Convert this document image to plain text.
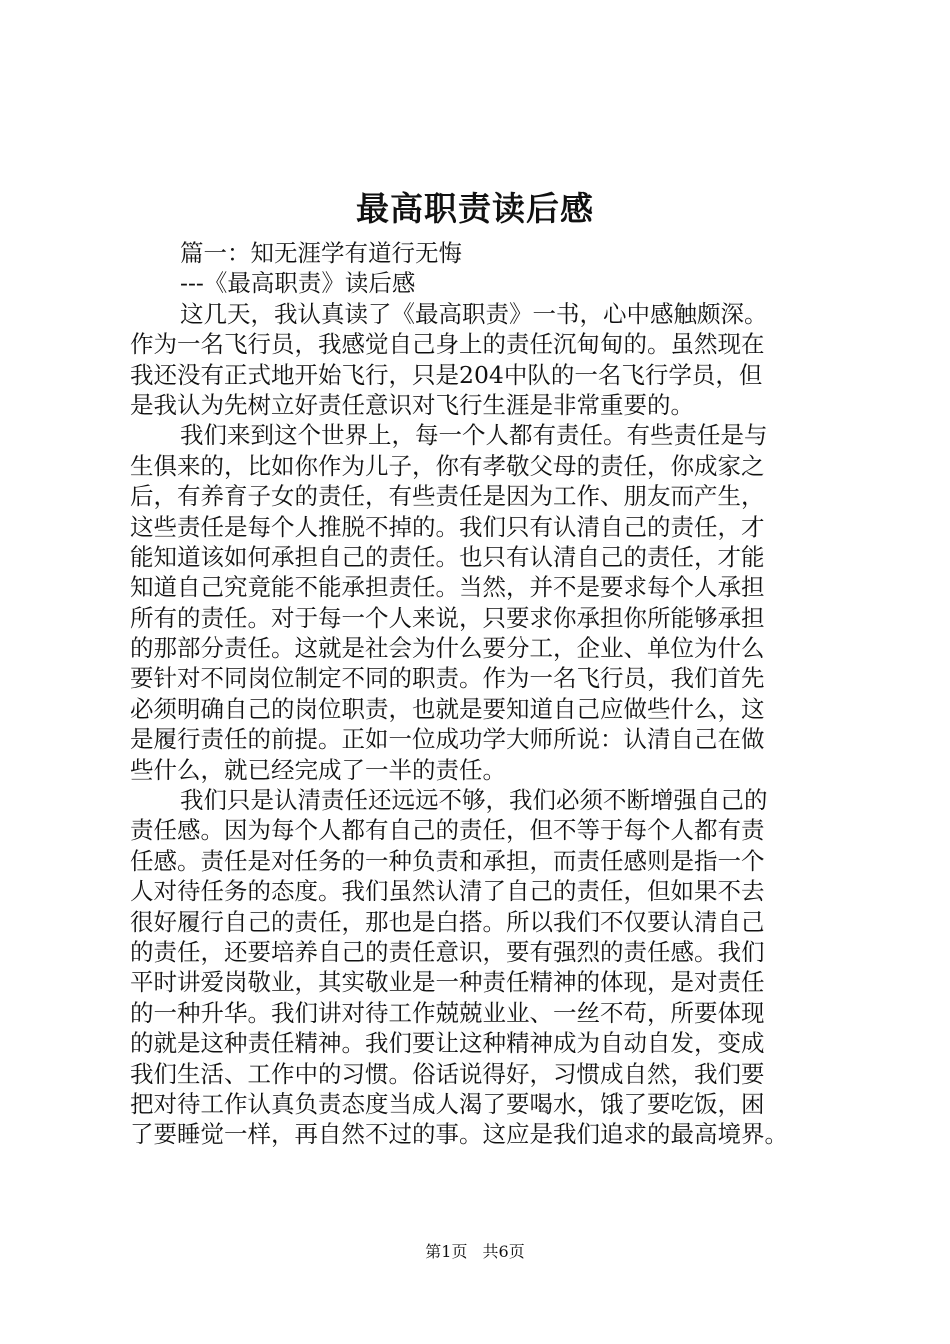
最高职责读后感
篇一：知无涯学有道行无悔
---《最高职责》读后感
这几天，我认真读了《最高职责》一书，心中感触颇深。
作为一名飞行员，我感觉自己身上的责任沉甸甸的。虽然现在
我还没有正式地开始飞行，只是204中队的一名飞行学员，但
是我认为先树立好责任意识对飞行生涯是非常重要的。
我们来到这个世界上，每一个人都有责任。有些责任是与
生俱来的，比如你作为儿子，你有孝敬父母的责任，你成家之
后，有养育子女的责任，有些责任是因为工作、朋友而产生，
这些责任是每个人推脱不掉的。我们只有认清自己的责任，才
能知道该如何承担自己的责任。也只有认清自己的责任，才能
知道自己究竟能不能承担责任。当然，并不是要求每个人承担
所有的责任。对于每一个人来说，只要求你承担你所能够承担
的那部分责任。这就是社会为什么要分工，企业、单位为什么
要针对不同岗位制定不同的职责。作为一名飞行员，我们首先
必须明确自己的岗位职责，也就是要知道自己应做些什么，这
是履行责任的前提。正如一位成功学大师所说：认清自己在做
些什么，就已经完成了一半的责任。
我们只是认清责任还远远不够，我们必须不断增强自己的
责任感。因为每个人都有自己的责任，但不等于每个人都有责
任感。责任是对任务的一种负责和承担，而责任感则是指一个
人对待任务的态度。我们虽然认清了自己的责任，但如果不去
很好履行自己的责任，那也是白搭。所以我们不仅要认清自己
的责任，还要培养自己的责任意识，要有强烈的责任感。我们
平时讲爱岗敬业，其实敬业是一种责任精神的体现，是对责任
的一种升华。我们讲对待工作兢兢业业、一丝不苟，所要体现
的就是这种责任精神。我们要让这种精神成为自动自发，变成
我们生活、工作中的习惯。俗话说得好，习惯成自然，我们要
把对待工作认真负责态度当成人渴了要喝水，饿了要吃饭，困
了要睡觉一样，再自然不过的事。这应是我们追求的最高境界。
第1页 共6页
